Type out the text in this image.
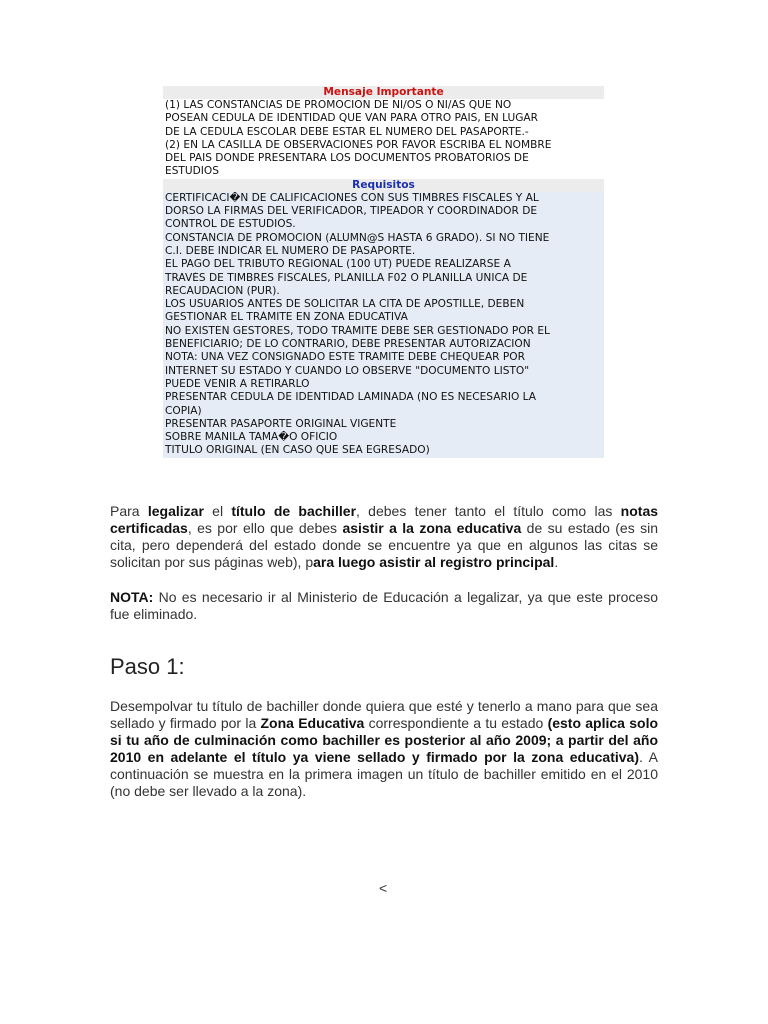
Mensaje Importante
(1) LAS CONSTANCIAS DE PROMOCION DE NI/OS O NI/AS QUE NO
POSEAN CEDULA DE IDENTIDAD QUE VAN PARA OTRO PAIS, EN LUGAR
DE LA CEDULA ESCOLAR DEBE ESTAR EL NUMERO DEL PASAPORTE.-
(2) EN LA CASILLA DE OBSERVACIONES POR FAVOR ESCRIBA EL NOMBRE
DEL PAIS DONDE PRESENTARA LOS DOCUMENTOS PROBATORIOS DE
ESTUDIOS
Requisitos
CERTIFICACI�N DE CALIFICACIONES CON SUS TIMBRES FISCALES Y AL
DORSO LA FIRMAS DEL VERIFICADOR, TIPEADOR Y COORDINADOR DE
CONTROL DE ESTUDIOS.
CONSTANCIA DE PROMOCION (ALUMN@S HASTA 6 GRADO). SI NO TIENE
C.I. DEBE INDICAR EL NUMERO DE PASAPORTE.
EL PAGO DEL TRIBUTO REGIONAL (100 UT) PUEDE REALIZARSE A
TRAVÉS DE TIMBRES FISCALES, PLANILLA F02 O PLANILLA ÚNICA DE
RECAUDACIÓN (PUR).
LOS USUARIOS ANTES DE SOLICITAR LA CITA DE APOSTILLE, DEBEN
GESTIONAR EL TRÁMITE EN ZONA EDUCATIVA
NO EXISTEN GESTORES, TODO TRÁMITE DEBE SER GESTIONADO POR EL
BENEFICIARIO; DE LO CONTRARIO, DEBE PRESENTAR AUTORIZACIÒN
NOTA: UNA VEZ CONSIGNADO ESTE TRAMITE DEBE CHEQUEAR POR
INTERNET SU ESTADO Y CUANDO LO OBSERVE "DOCUMENTO LISTO"
PUEDE VENIR A RETIRARLO
PRESENTAR CEDULA DE IDENTIDAD LAMINADA (NO ES NECESARIO LA
COPIA)
PRESENTAR PASAPORTE ORIGINAL VIGENTE
SOBRE MANILA TAMA�O OFICIO
TITULO ORIGINAL (EN CASO QUE SEA EGRESADO)

Para legalizar el título de bachiller, debes tener tanto el título como las notas certificadas, es por ello que debes asistir a la zona educativa de su estado (es sin cita, pero dependerá del estado donde se encuentre ya que en algunos las citas se solicitan por sus páginas web), para luego asistir al registro principal.

NOTA: No es necesario ir al Ministerio de Educación a legalizar, ya que este proceso fue eliminado.

Paso 1:

Desempolvar tu título de bachiller donde quiera que esté y tenerlo a mano para que sea sellado y firmado por la Zona Educativa correspondiente a tu estado (esto aplica solo si tu año de culminación como bachiller es posterior al año 2009; a partir del año 2010 en adelante el título ya viene sellado y firmado por la zona educativa). A continuación se muestra en la primera imagen un título de bachiller emitido en el 2010 (no debe ser llevado a la zona).

<
